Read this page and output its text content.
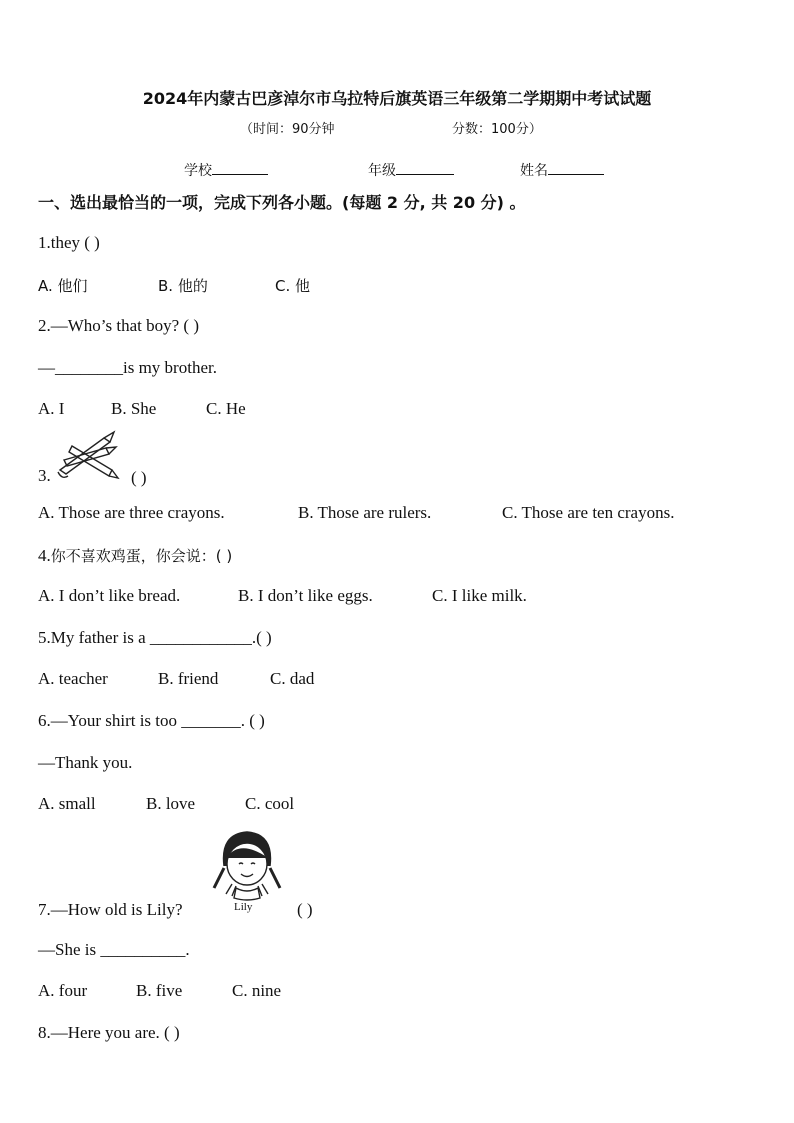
2024年内蒙古巴彦淖尔市乌拉特后旗英语三年级第二学期期中考试试题
（时间：90分钟	分数：100分）
学校	年级	姓名
一、选出最恰当的一项，完成下列各小题。(每题 2 分, 共 20 分) 。
1.they ( )
A. 他们	B. 他的	C. 他
2.—Who’s that boy? ( )
—________is my brother.
A. I	B. She	C. He
3.	( )
A. Those are three crayons.	B. Those are rulers.	C. Those are ten crayons.
4.你不喜欢鸡蛋，你会说：( )
A. I don’t like bread.	B. I don’t like eggs.	C. I like milk.
5.My father is a ____________.( )
A. teacher	B. friend	C. dad
6.—Your shirt is too _______. ( )
—Thank you.
A. small	B. love	C. cool
Lily
7.—How old is Lily?	( )
—She is __________.
A. four	B. five	C. nine
8.—Here you are. ( )
